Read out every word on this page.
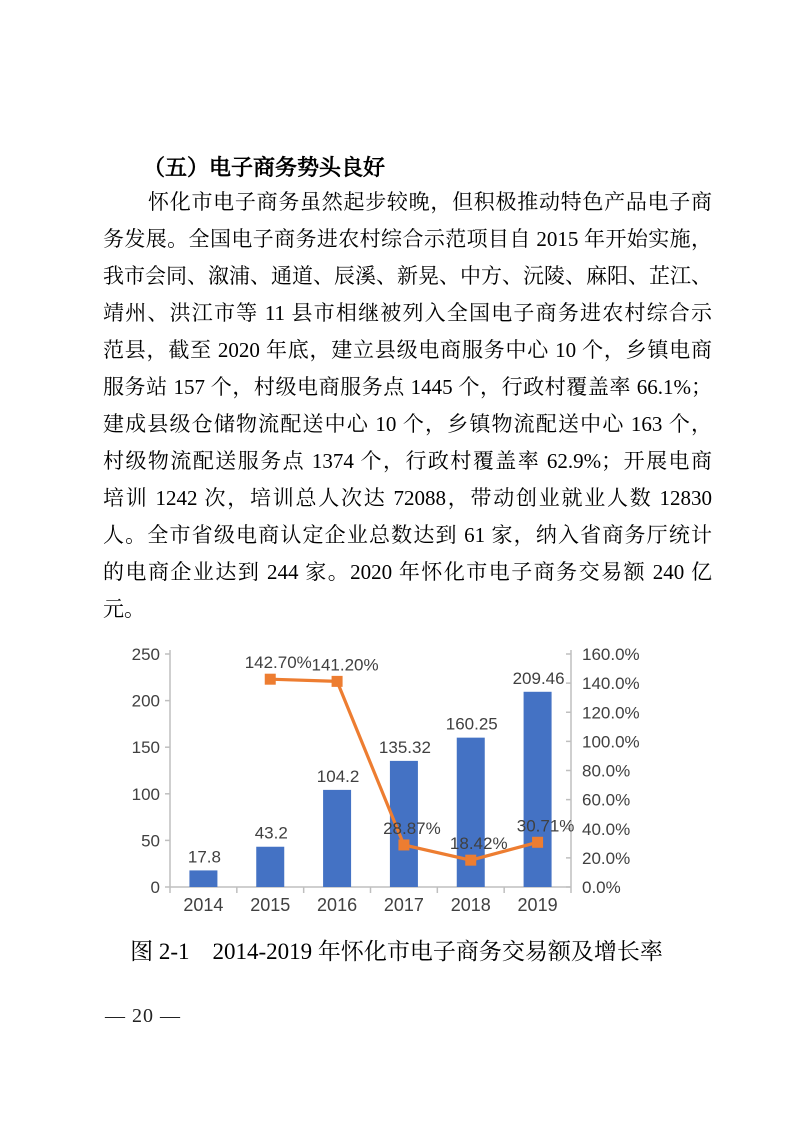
（五）电子商务势头良好
怀化市电子商务虽然起步较晚，但积极推动特色产品电子商
务发展。全国电子商务进农村综合示范项目自 2015 年开始实施，
我市会同、溆浦、通道、辰溪、新晃、中方、沅陵、麻阳、芷江、
靖州、洪江市等 11 县市相继被列入全国电子商务进农村综合示
范县，截至 2020 年底，建立县级电商服务中心 10 个，乡镇电商
服务站 157 个，村级电商服务点 1445 个，行政村覆盖率 66.1%；
建成县级仓储物流配送中心 10 个，乡镇物流配送中心 163 个，
村级物流配送服务点 1374 个，行政村覆盖率 62.9%；开展电商
培训 1242 次，培训总人次达 72088，带动创业就业人数 12830
人。全市省级电商认定企业总数达到 61 家，纳入省商务厅统计
的电商企业达到 244 家。2020 年怀化市电子商务交易额 240 亿
元。
0
50
100
150
200
250
0.0%
20.0%
40.0%
60.0%
80.0%
100.0%
120.0%
140.0%
160.0%
2014 2015 2016 2017 2018 2019
17.8
43.2
104.2
135.32
160.25
209.46
142.70% 141.20%
28.87%
18.42%
30.71%
图 2-1　2014-2019 年怀化市电子商务交易额及增长率
— 20 —
